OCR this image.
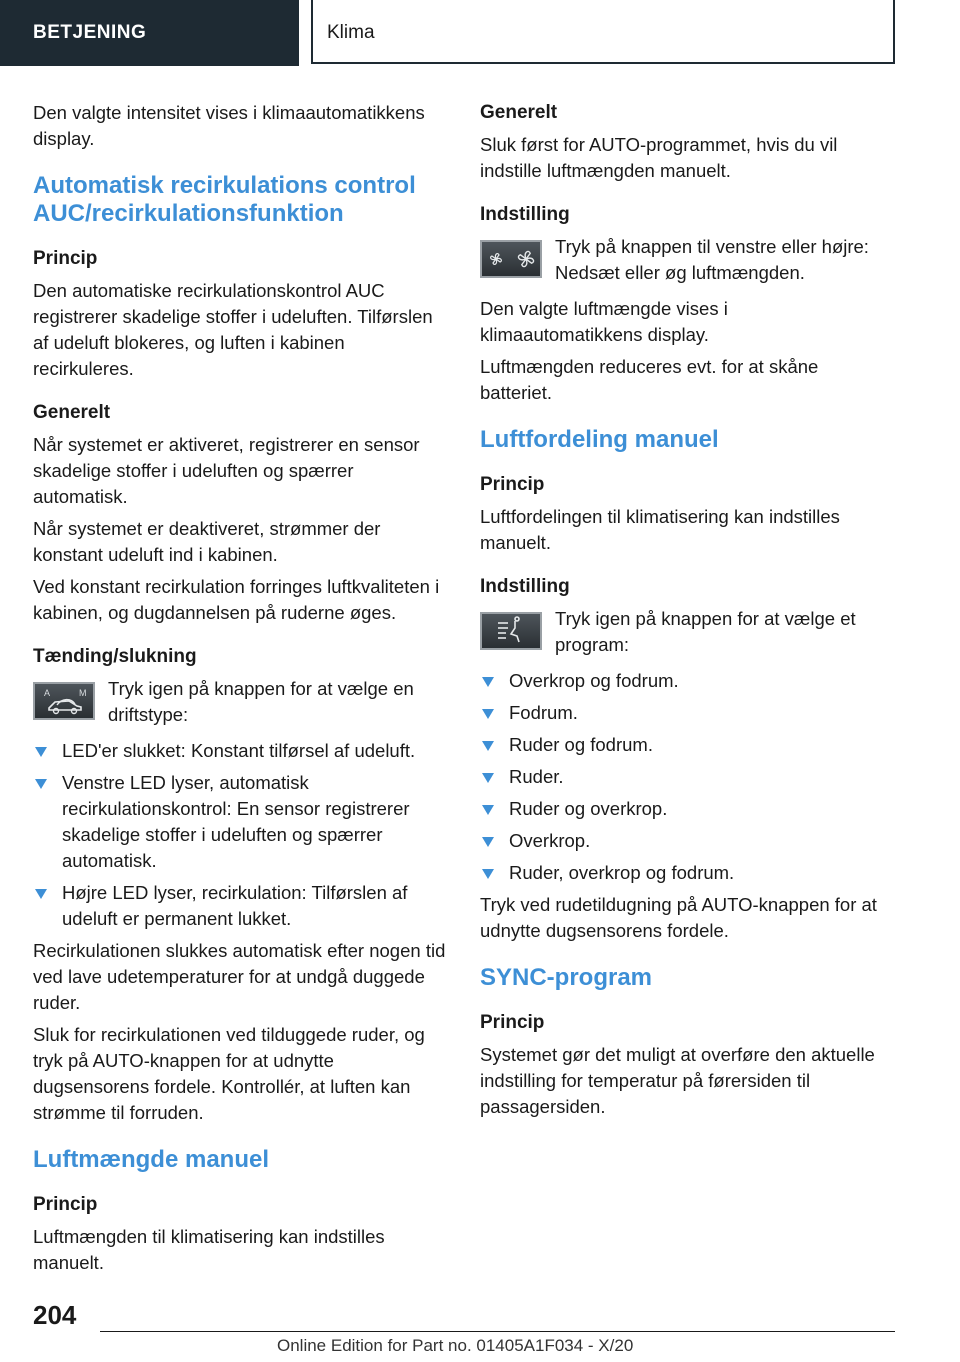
BETJENING	Klima

Den valgte intensitet vises i klimaautomatikkens display.

Automatisk recirkulations control AUC/recirkulationsfunktion
Princip

Den automatiske recirkulationskontrol AUC registrerer skadelige stoffer i udeluften. Tilførslen af udeluft blokeres, og luften i kabinen recirkuleres.

Generelt

Når systemet er aktiveret, registrerer en sensor skadelige stoffer i udeluften og spærrer automatisk.

Når systemet er deaktiveret, strømmer der konstant udeluft ind i kabinen.

Ved konstant recirkulation forringes luftkvaliteten i kabinen, og dugdannelsen på ruderne øges.

Tænding/slukning
A	M Tryk igen på knappen for at vælge en driftstype:
LED'er slukket: Konstant tilførsel af udeluft.
Venstre LED lyser, automatisk recirkulationskontrol: En sensor registrerer skadelige stoffer i udeluften og spærrer automatisk.
Højre LED lyser, recirkulation: Tilførslen af udeluft er permanent lukket.

Recirkulationen slukkes automatisk efter nogen tid ved lave udetemperaturer for at undgå duggede ruder.

Sluk for recirkulationen ved tilduggede ruder, og tryk på AUTO-knappen for at udnytte dugsensorens fordele. Kontrollér, at luften kan strømme til forruden.

Luftmængde manuel
Princip

Luftmængden til klimatisering kan indstilles manuelt.

Generelt

Sluk først for AUTO-programmet, hvis du vil indstille luftmængden manuelt.

Indstilling
Tryk på knappen til venstre eller højre: Nedsæt eller øg luftmængden.

Den valgte luftmængde vises i klimaautomatikkens display.

Luftmængden reduceres evt. for at skåne batteriet.

Luftfordeling manuel
Princip

Luftfordelingen til klimatisering kan indstilles manuelt.

Indstilling
Tryk igen på knappen for at vælge et program:
Overkrop og fodrum.
Fodrum.
Ruder og fodrum.
Ruder.
Ruder og overkrop.
Overkrop.
Ruder, overkrop og fodrum.

Tryk ved rudetildugning på AUTO-knappen for at udnytte dugsensorens fordele.

SYNC-program
Princip

Systemet gør det muligt at overføre den aktuelle indstilling for temperatur på førersiden til passagersiden.

204
Online Edition for Part no. 01405A1F034 - X/20
